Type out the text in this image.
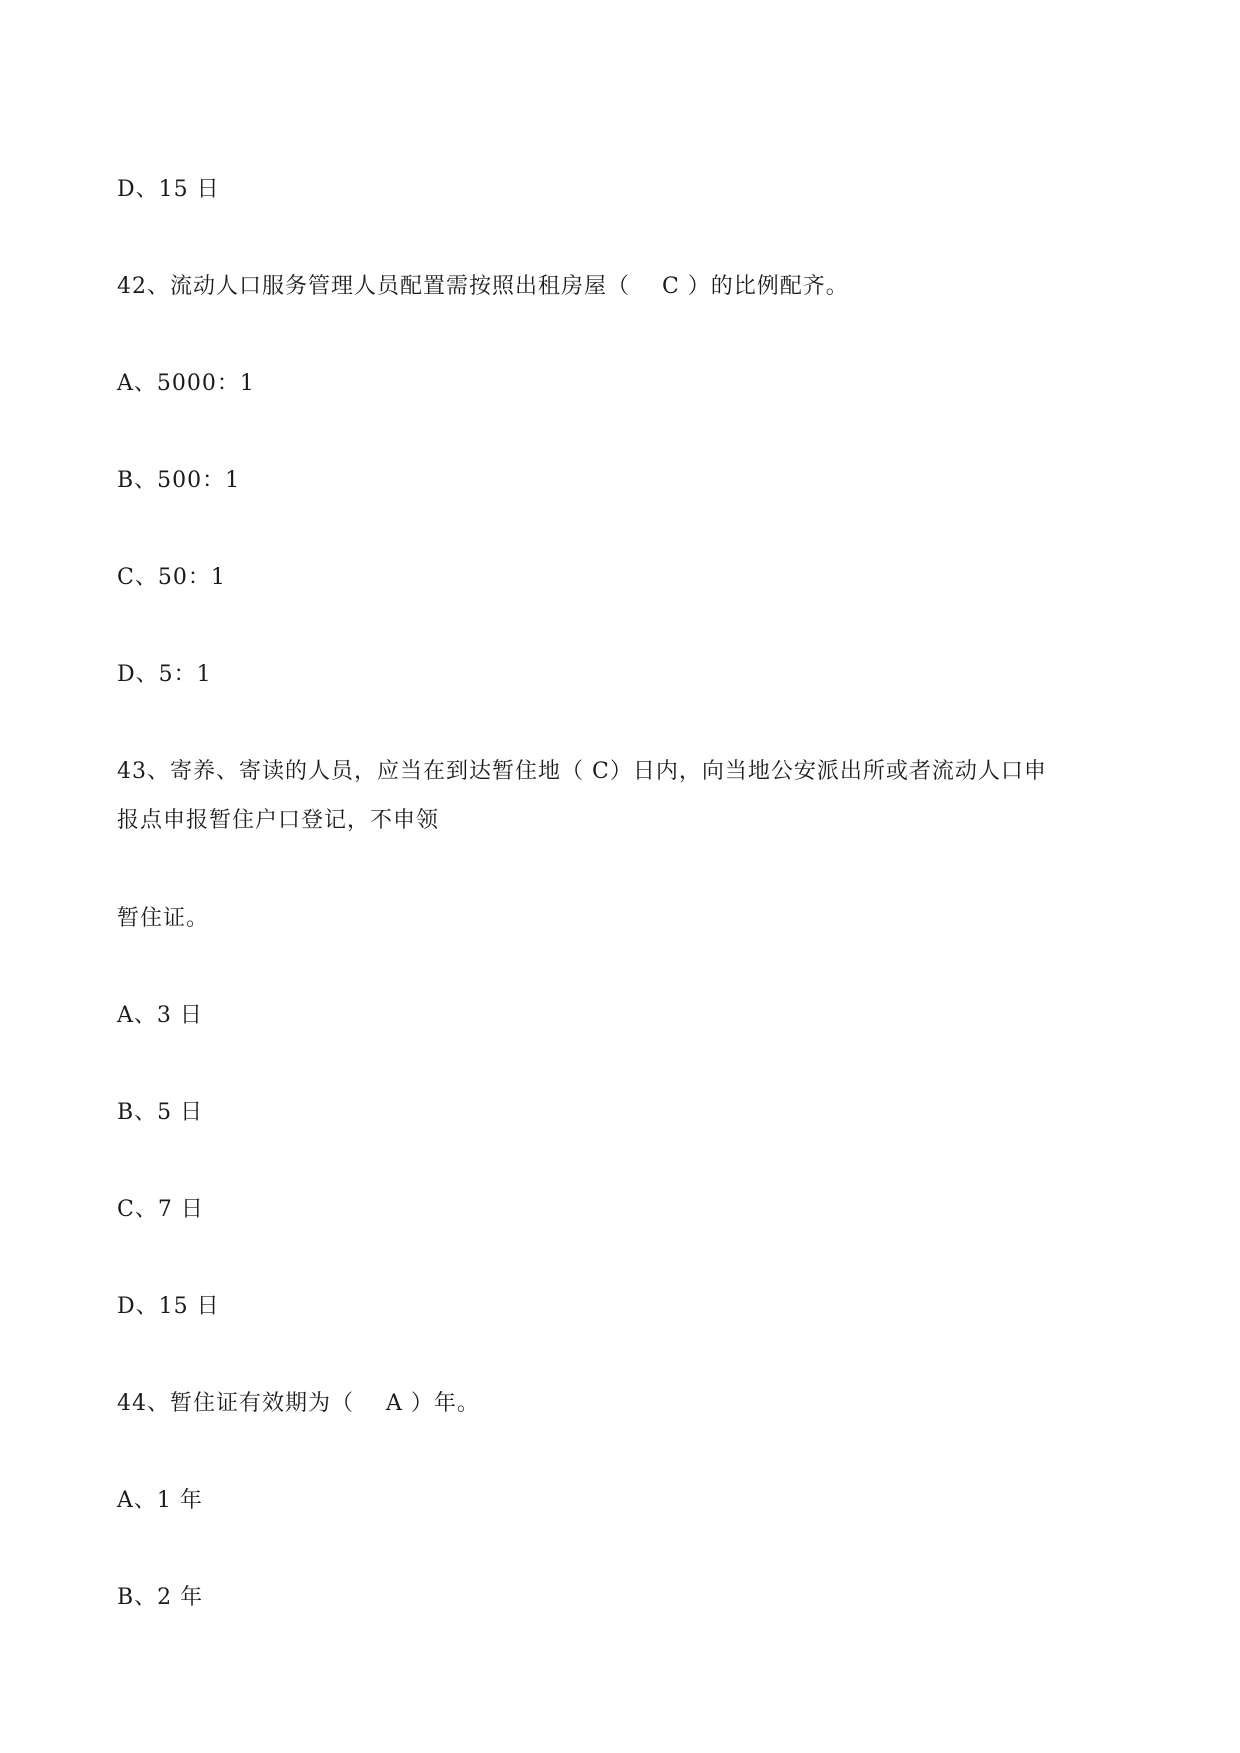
D、15 日
42、流动人口服务管理人员配置需按照出租房屋（    C ）的比例配齐。
A、5000：1
B、500：1
C、50：1
D、5：1
43、寄养、寄读的人员，应当在到达暂住地（ C）日内，向当地公安派出所或者流动人口申
报点申报暂住户口登记，不申领
暂住证。
A、3 日
B、5 日
C、7 日
D、15 日
44、暂住证有效期为（    A ）年。
A、1 年
B、2 年
